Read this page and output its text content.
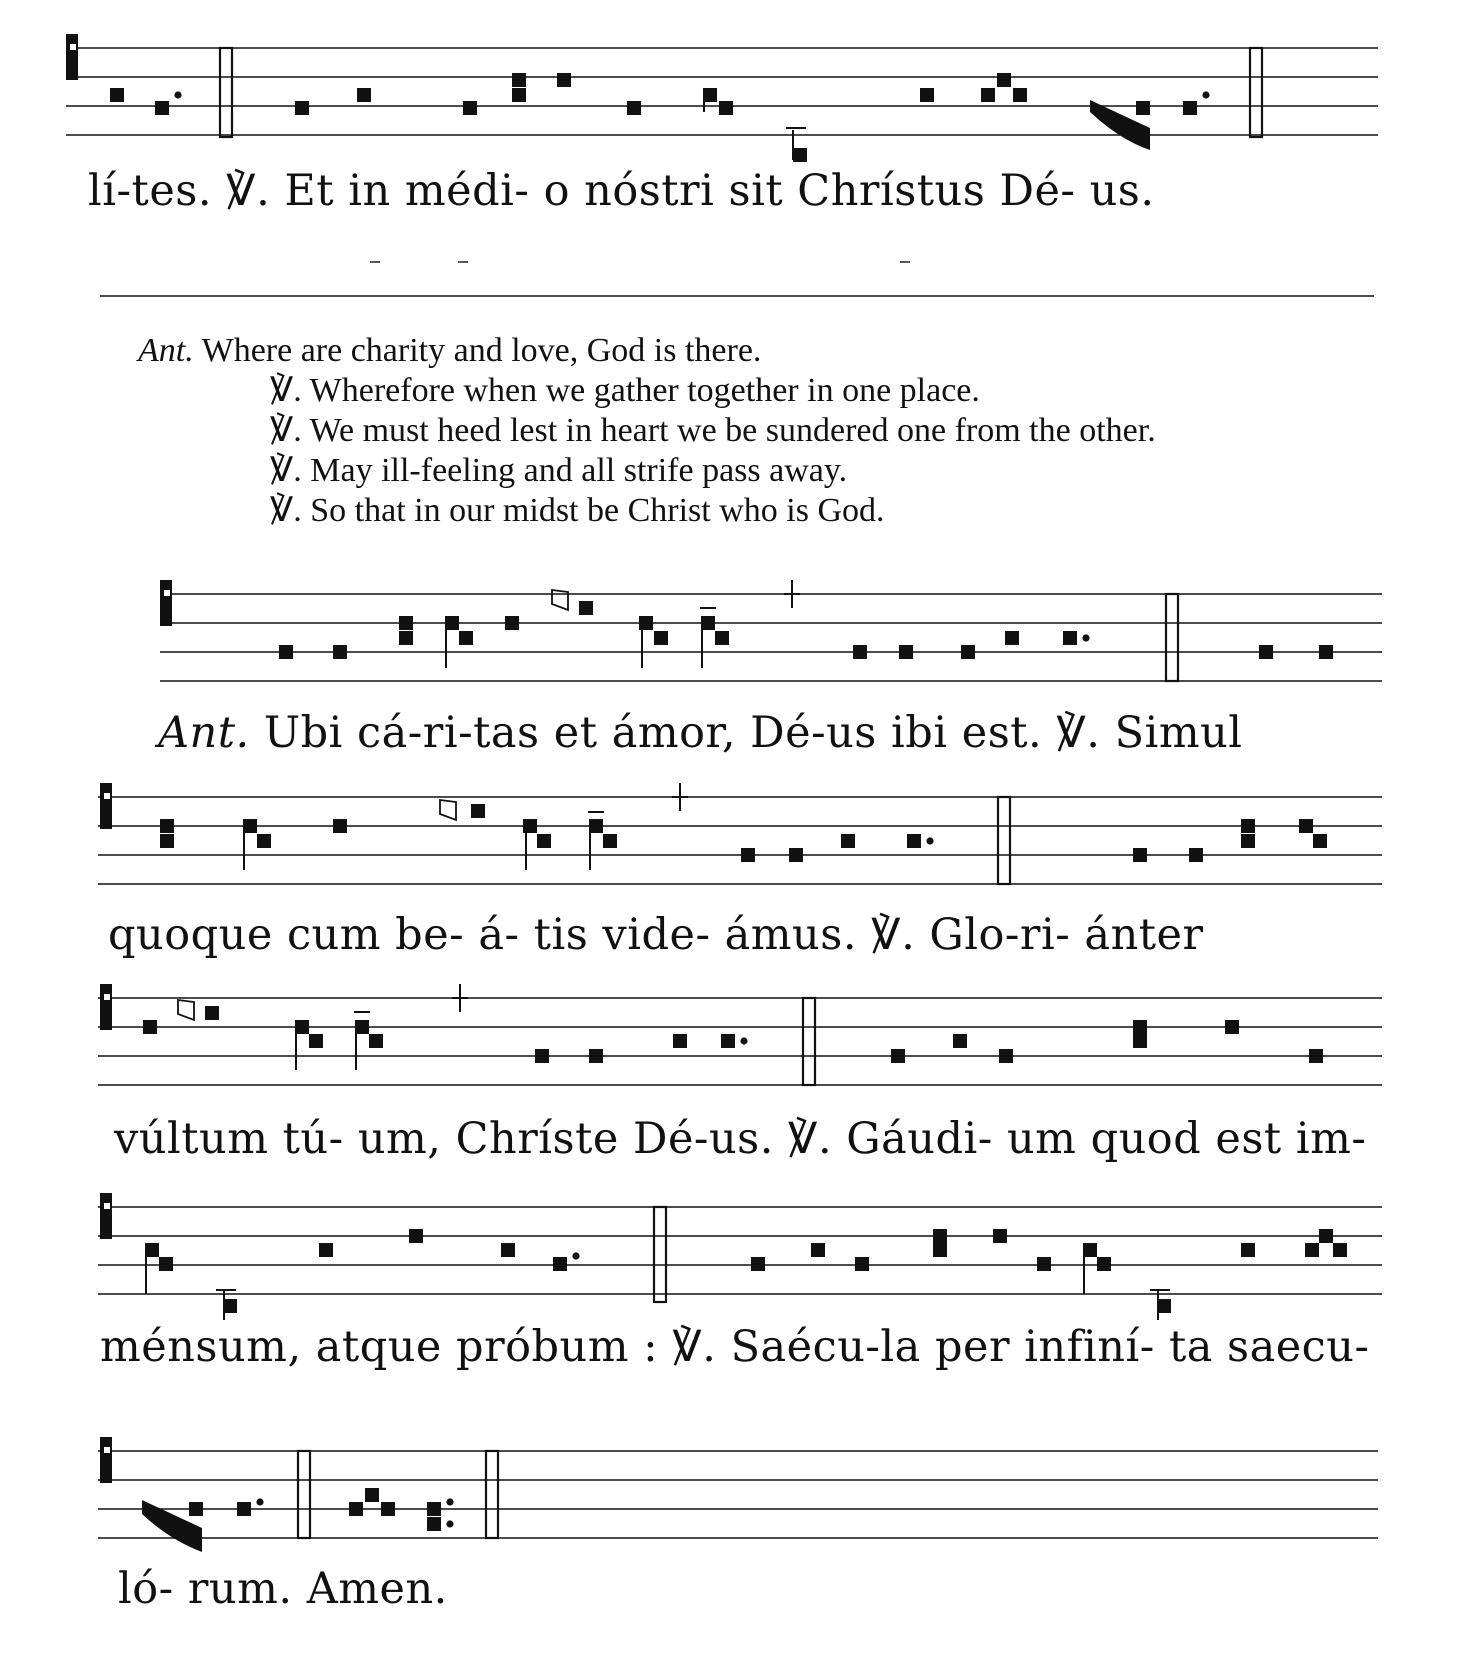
lí-tes. ℣. Et in médi- o nóstri sit Chrístus Dé- us.
Ant. Where are charity and love, God is there.
℣. Wherefore when we gather together in one place.
℣. We must heed lest in heart we be sundered one from the other.
℣. May ill-feeling and all strife pass away.
℣. So that in our midst be Christ who is God.
Ant. Ubi cá-ri-tas et ámor, Dé-us ibi est. ℣. Simul
quoque cum be- á- tis vide- ámus. ℣. Glo-ri- ánter
vúltum tú- um, Chríste Dé-us. ℣. Gáudi- um quod est im-
ménsum, atque próbum : ℣. Saécu-la per infiní- ta saecu-
ló- rum. Amen.
